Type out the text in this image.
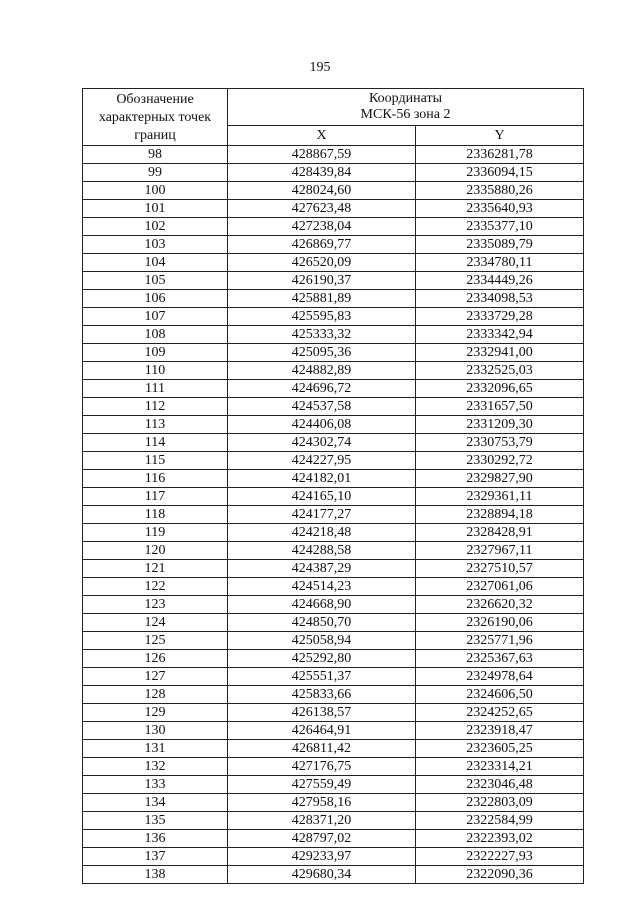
195
Обозначение характерных точек границ	Координаты
МСК-56 зона 2	

	X	Y
98	428867,59	2336281,78
99	428439,84	2336094,15
100	428024,60	2335880,26
101	427623,48	2335640,93
102	427238,04	2335377,10
103	426869,77	2335089,79
104	426520,09	2334780,11
105	426190,37	2334449,26
106	425881,89	2334098,53
107	425595,83	2333729,28
108	425333,32	2333342,94
109	425095,36	2332941,00
110	424882,89	2332525,03
111	424696,72	2332096,65
112	424537,58	2331657,50
113	424406,08	2331209,30
114	424302,74	2330753,79
115	424227,95	2330292,72
116	424182,01	2329827,90
117	424165,10	2329361,11
118	424177,27	2328894,18
119	424218,48	2328428,91
120	424288,58	2327967,11
121	424387,29	2327510,57
122	424514,23	2327061,06
123	424668,90	2326620,32
124	424850,70	2326190,06
125	425058,94	2325771,96
126	425292,80	2325367,63
127	425551,37	2324978,64
128	425833,66	2324606,50
129	426138,57	2324252,65
130	426464,91	2323918,47
131	426811,42	2323605,25
132	427176,75	2323314,21
133	427559,49	2323046,48
134	427958,16	2322803,09
135	428371,20	2322584,99
136	428797,02	2322393,02
137	429233,97	2322227,93
138	429680,34	2322090,36
